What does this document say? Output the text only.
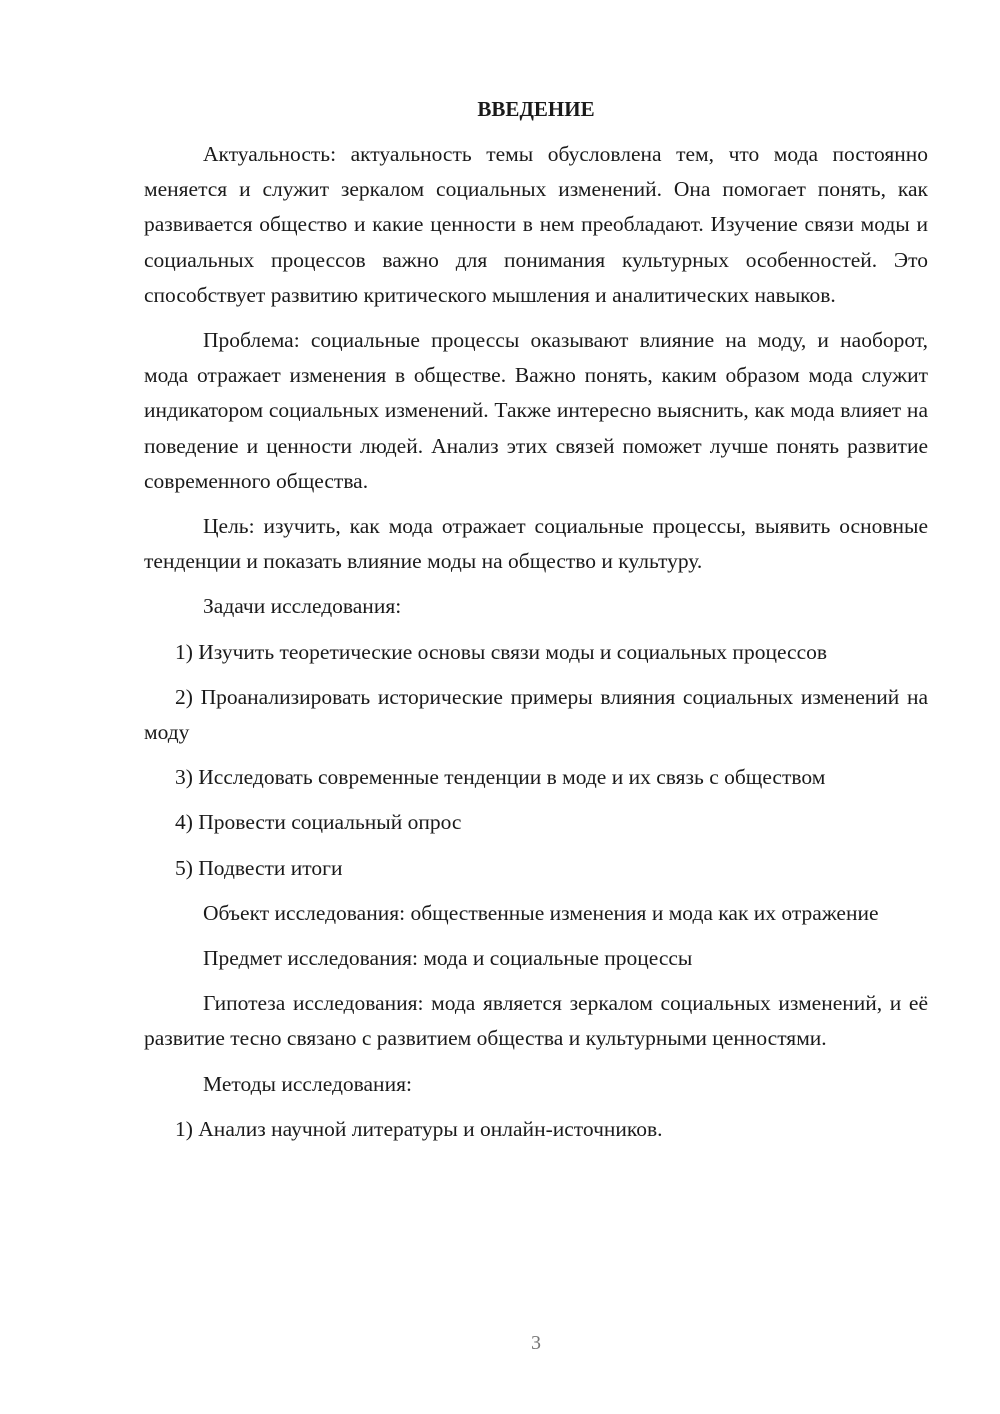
ВВЕДЕНИЕ

Актуальность: актуальность темы обусловлена тем, что мода постоянно меняется и служит зеркалом социальных изменений. Она помогает понять, как развивается общество и какие ценности в нем преобладают. Изучение связи моды и социальных процессов важно для понимания культурных особенностей. Это способствует развитию критического мышления и аналитических навыков.

Проблема: социальные процессы оказывают влияние на моду, и наоборот, мода отражает изменения в обществе. Важно понять, каким образом мода служит индикатором социальных изменений. Также интересно выяснить, как мода влияет на поведение и ценности людей. Анализ этих связей поможет лучше понять развитие современного общества.

Цель: изучить, как мода отражает социальные процессы, выявить основные тенденции и показать влияние моды на общество и культуру.

Задачи исследования:

1) Изучить теоретические основы связи моды и социальных процессов

2) Проанализировать исторические примеры влияния социальных изменений на моду

3) Исследовать современные тенденции в моде и их связь с обществом

4) Провести социальный опрос

5) Подвести итоги

Объект исследования: общественные изменения и мода как их отражение

Предмет исследования: мода и социальные процессы

Гипотеза исследования: мода является зеркалом социальных изменений, и её развитие тесно связано с развитием общества и культурными ценностями.

Методы исследования:

1) Анализ научной литературы и онлайн-источников.

3
